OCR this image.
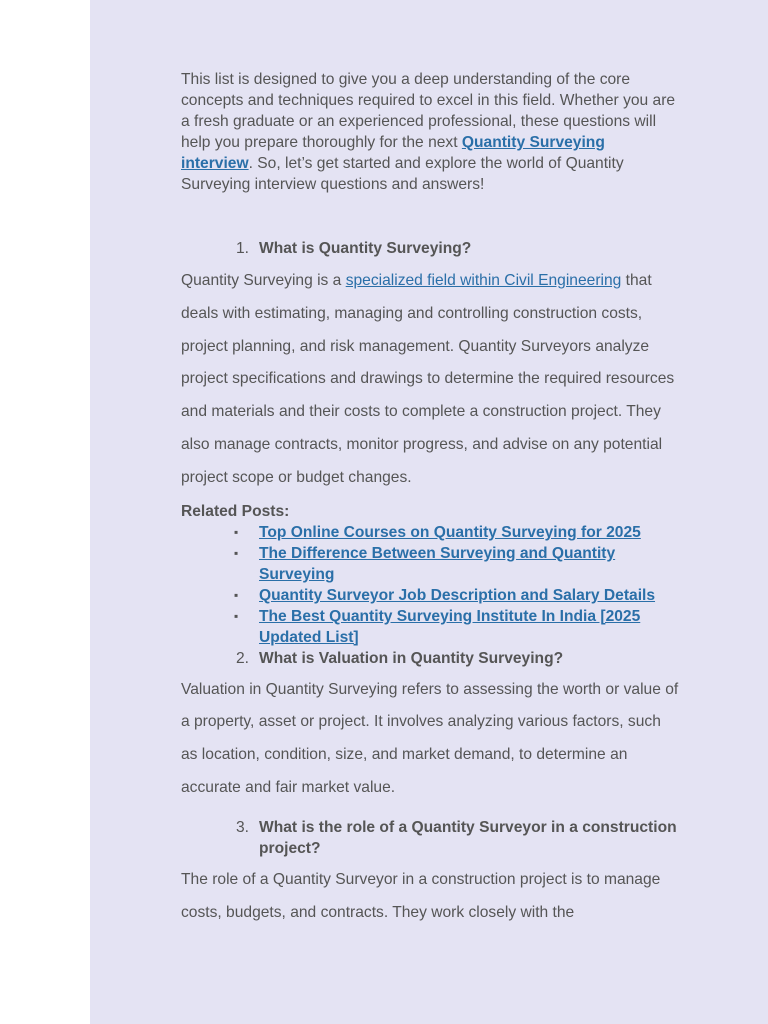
This list is designed to give you a deep understanding of the core concepts and techniques required to excel in this field. Whether you are a fresh graduate or an experienced professional, these questions will help you prepare thoroughly for the next Quantity Surveying interview. So, let’s get started and explore the world of Quantity Surveying interview questions and answers!

1. What is Quantity Surveying?

Quantity Surveying is a specialized field within Civil Engineering that deals with estimating, managing and controlling construction costs, project planning, and risk management. Quantity Surveyors analyze project specifications and drawings to determine the required resources and materials and their costs to complete a construction project. They also manage contracts, monitor progress, and advise on any potential project scope or budget changes.

Related Posts:
▪ Top Online Courses on Quantity Surveying for 2025
▪ The Difference Between Surveying and Quantity Surveying
▪ Quantity Surveyor Job Description and Salary Details
▪ The Best Quantity Surveying Institute In India [2025 Updated List]
2. What is Valuation in Quantity Surveying?

Valuation in Quantity Surveying refers to assessing the worth or value of a property, asset or project. It involves analyzing various factors, such as location, condition, size, and market demand, to determine an accurate and fair market value.

3. What is the role of a Quantity Surveyor in a construction project?

The role of a Quantity Surveyor in a construction project is to manage costs, budgets, and contracts. They work closely with the
